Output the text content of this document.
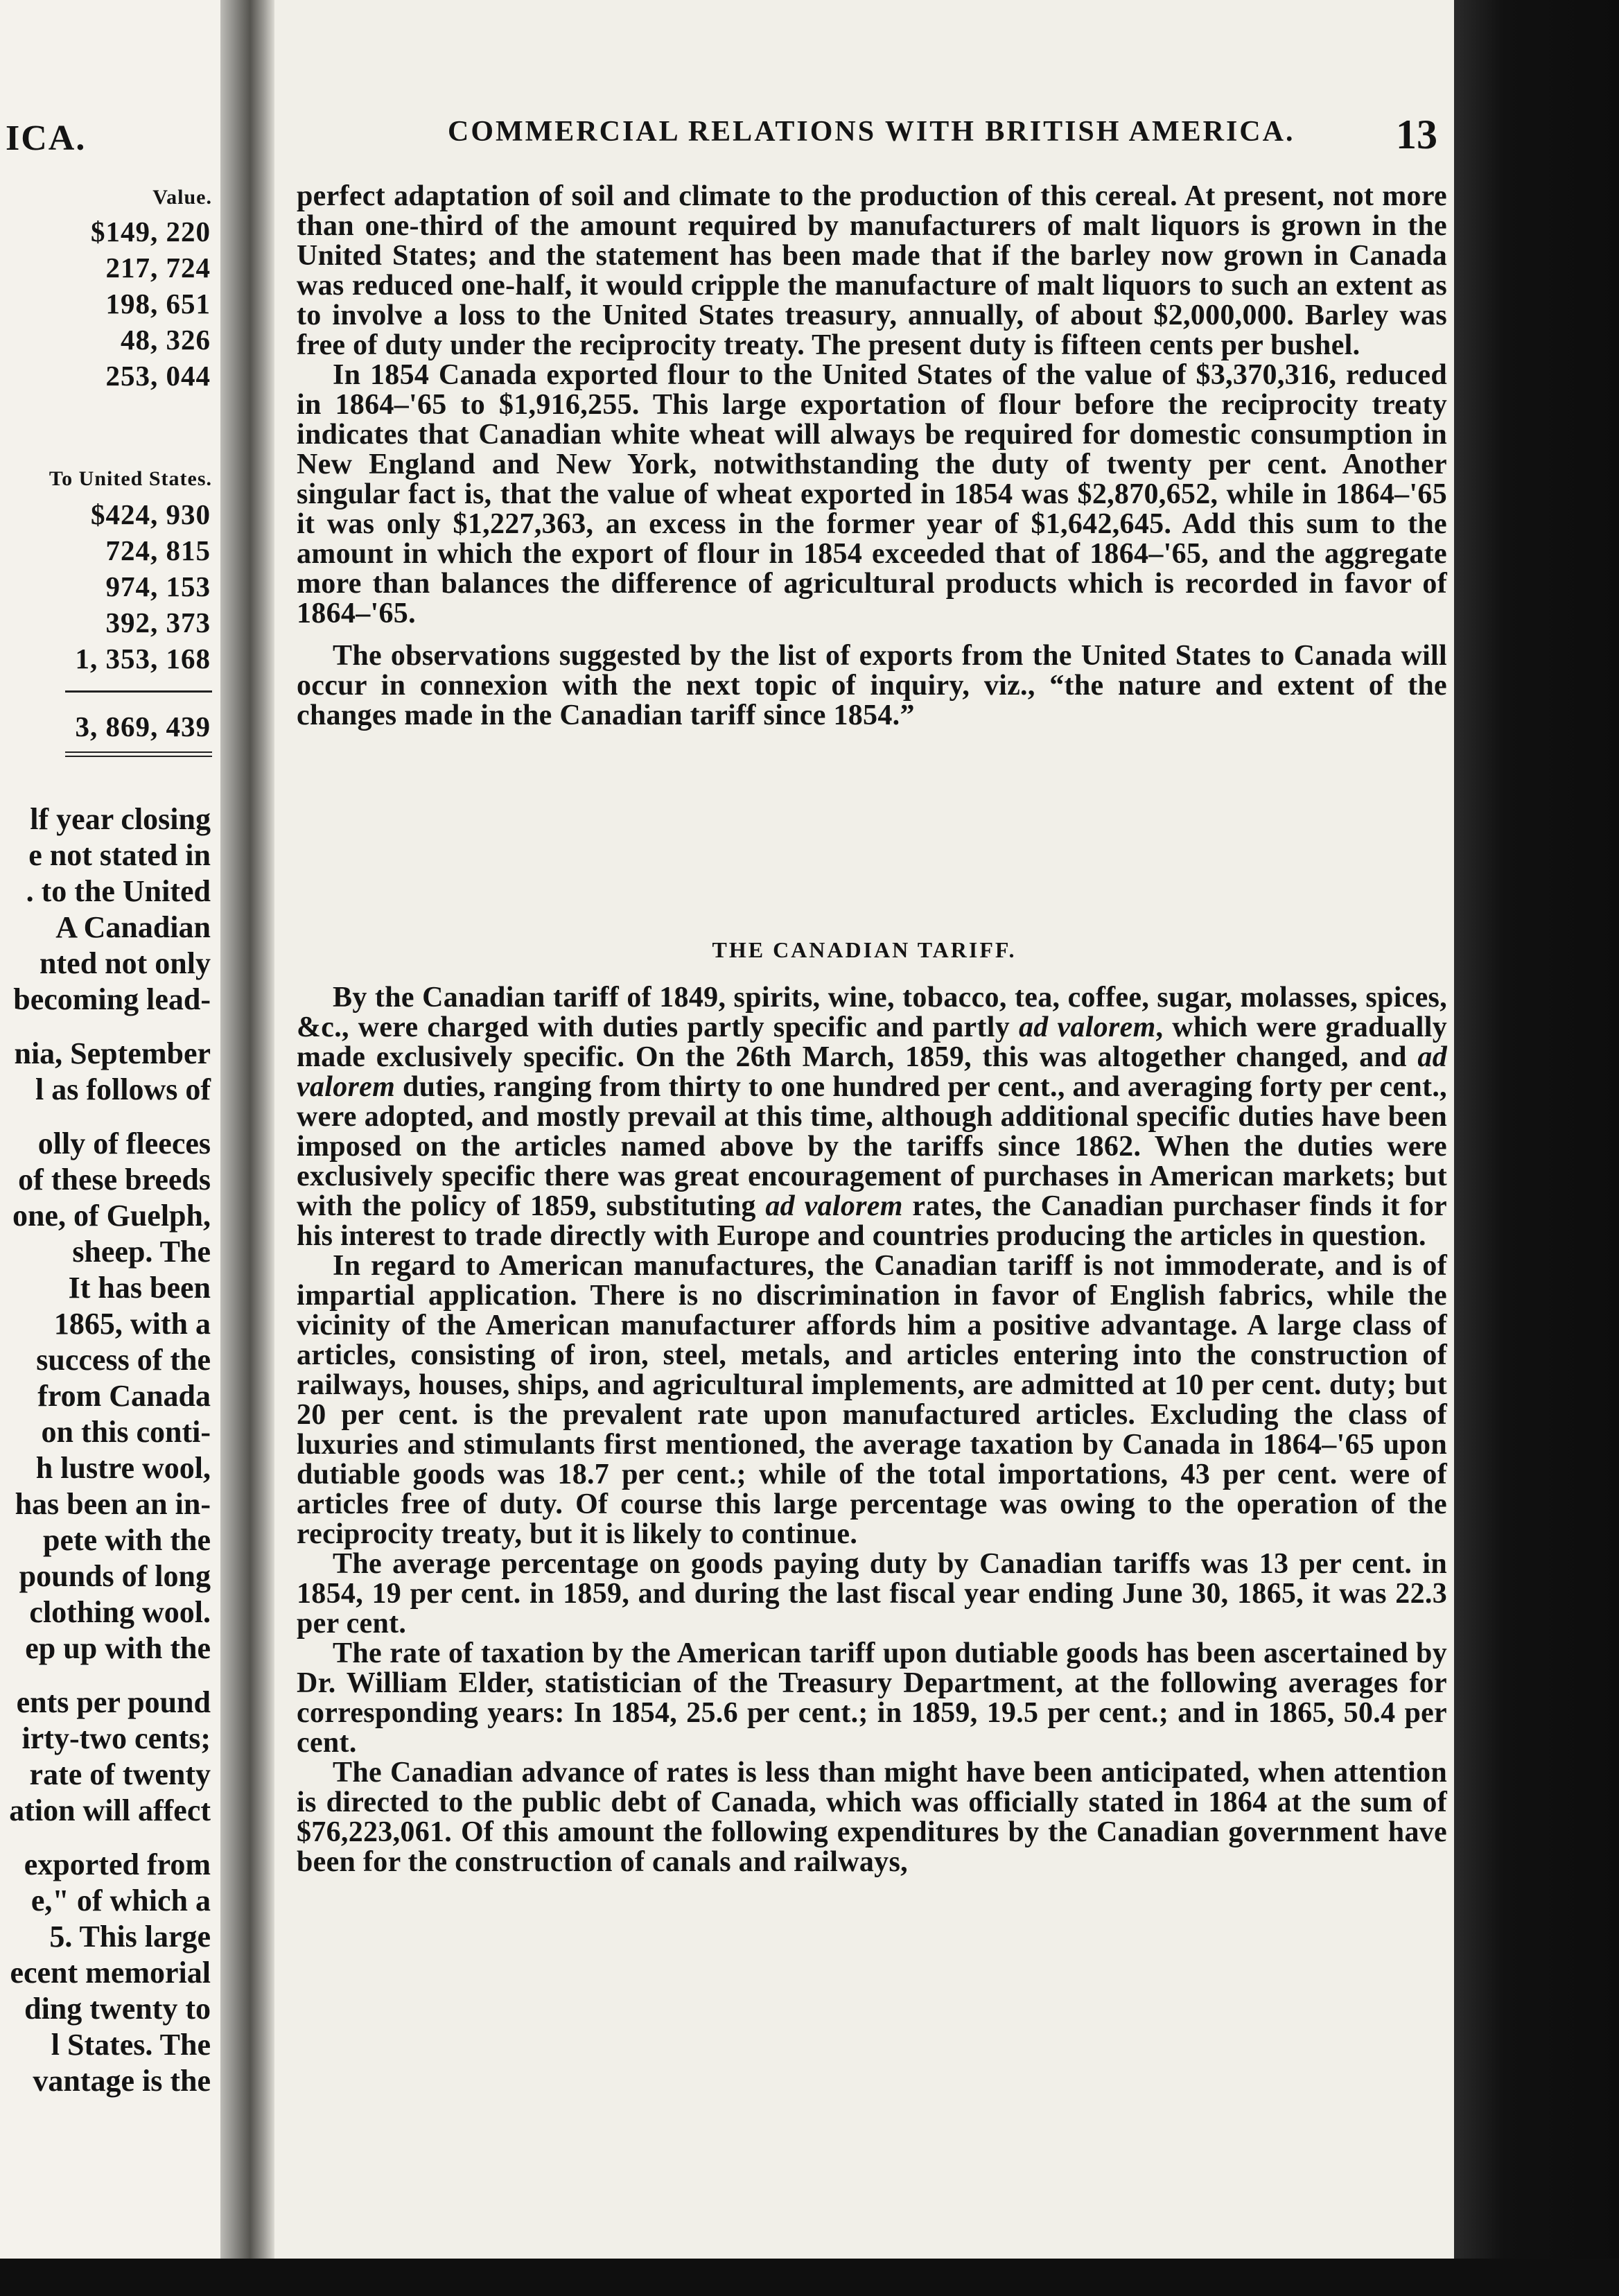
ICA.
Value.
$149, 220
217, 724
198, 651
48, 326
253, 044
To United States.
$424, 930
724, 815
974, 153
392, 373
1, 353, 168
3, 869, 439
lf year closing
e not stated in
. to the United
A Canadian
nted not only
becoming lead-
nia, September
l as follows of
olly of fleeces
of these breeds
one, of Guelph,
sheep. The
It has been
1865, with a
success of the
from Canada
on this conti-
h lustre wool,
has been an in-
pete with the
pounds of long
clothing wool.
ep up with the
ents per pound
irty-two cents;
rate of twenty
ation will affect
exported from
e," of which a
5. This large
ecent memorial
ding twenty to
l States. The
vantage is the
COMMERCIAL RELATIONS WITH BRITISH AMERICA. 13

perfect adaptation of soil and climate to the production of this cereal. At present, not more than one-third of the amount required by manufacturers of malt liquors is grown in the United States; and the statement has been made that if the barley now grown in Canada was reduced one-half, it would cripple the manufacture of malt liquors to such an extent as to involve a loss to the United States treasury, annually, of about $2,000,000. Barley was free of duty under the reciprocity treaty. The present duty is fifteen cents per bushel.

In 1854 Canada exported flour to the United States of the value of $3,370,316, reduced in 1864–'65 to $1,916,255. This large exportation of flour before the reciprocity treaty indicates that Canadian white wheat will always be required for domestic consumption in New England and New York, notwithstanding the duty of twenty per cent. Another singular fact is, that the value of wheat exported in 1854 was $2,870,652, while in 1864–'65 it was only $1,227,363, an excess in the former year of $1,642,645. Add this sum to the amount in which the export of flour in 1854 exceeded that of 1864–'65, and the aggregate more than balances the difference of agricultural products which is recorded in favor of 1864–'65.

The observations suggested by the list of exports from the United States to Canada will occur in connexion with the next topic of inquiry, viz., “the nature and extent of the changes made in the Canadian tariff since 1854.”

THE CANADIAN TARIFF.

By the Canadian tariff of 1849, spirits, wine, tobacco, tea, coffee, sugar, molasses, spices, &c., were charged with duties partly specific and partly ad valorem, which were gradually made exclusively specific. On the 26th March, 1859, this was altogether changed, and ad valorem duties, ranging from thirty to one hundred per cent., and averaging forty per cent., were adopted, and mostly prevail at this time, although additional specific duties have been imposed on the articles named above by the tariffs since 1862. When the duties were exclusively specific there was great encouragement of purchases in American markets; but with the policy of 1859, substituting ad valorem rates, the Canadian purchaser finds it for his interest to trade directly with Europe and countries producing the articles in question.

In regard to American manufactures, the Canadian tariff is not immoderate, and is of impartial application. There is no discrimination in favor of English fabrics, while the vicinity of the American manufacturer affords him a positive advantage. A large class of articles, consisting of iron, steel, metals, and articles entering into the construction of railways, houses, ships, and agricultural implements, are admitted at 10 per cent. duty; but 20 per cent. is the prevalent rate upon manufactured articles. Excluding the class of luxuries and stimulants first mentioned, the average taxation by Canada in 1864–'65 upon dutiable goods was 18.7 per cent.; while of the total importations, 43 per cent. were of articles free of duty. Of course this large percentage was owing to the operation of the reciprocity treaty, but it is likely to continue.

The average percentage on goods paying duty by Canadian tariffs was 13 per cent. in 1854, 19 per cent. in 1859, and during the last fiscal year ending June 30, 1865, it was 22.3 per cent.

The rate of taxation by the American tariff upon dutiable goods has been ascertained by Dr. William Elder, statistician of the Treasury Department, at the following averages for corresponding years: In 1854, 25.6 per cent.; in 1859, 19.5 per cent.; and in 1865, 50.4 per cent.

The Canadian advance of rates is less than might have been anticipated, when attention is directed to the public debt of Canada, which was officially stated in 1864 at the sum of $76,223,061. Of this amount the following expenditures by the Canadian government have been for the construction of canals and railways,
